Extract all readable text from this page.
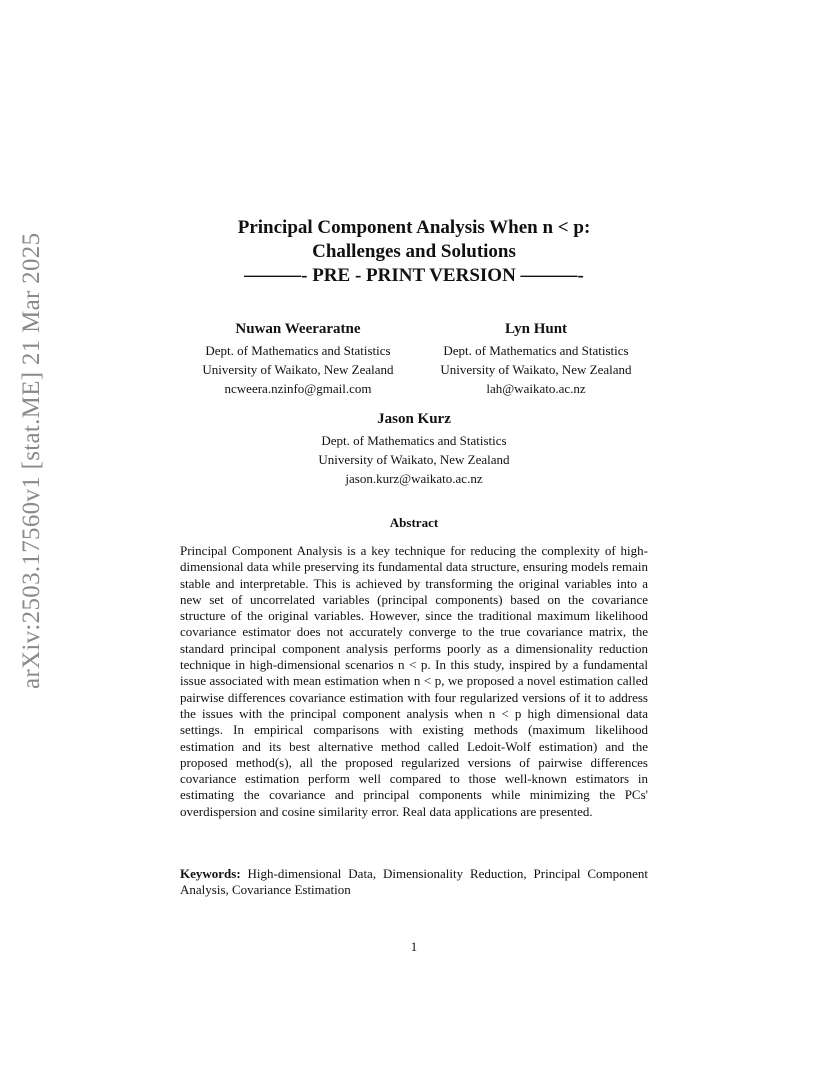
arXiv:2503.17560v1 [stat.ME] 21 Mar 2025
Principal Component Analysis When n < p:
Challenges and Solutions
———- PRE - PRINT VERSION ———-
Nuwan Weeraratne
Dept. of Mathematics and Statistics
University of Waikato, New Zealand
ncweera.nzinfo@gmail.com
Lyn Hunt
Dept. of Mathematics and Statistics
University of Waikato, New Zealand
lah@waikato.ac.nz
Jason Kurz
Dept. of Mathematics and Statistics
University of Waikato, New Zealand
jason.kurz@waikato.ac.nz
Abstract
Principal Component Analysis is a key technique for reducing the complexity of high-dimensional data while preserving its fundamental data structure, ensuring models remain stable and interpretable. This is achieved by transforming the original variables into a new set of uncorrelated variables (principal components) based on the covariance structure of the original variables. However, since the traditional maximum likelihood covariance estimator does not accurately converge to the true covariance matrix, the standard principal component analysis performs poorly as a dimensionality reduction technique in high-dimensional scenarios n < p. In this study, inspired by a fundamental issue associated with mean estimation when n < p, we proposed a novel estimation called pairwise differences covariance estimation with four regularized versions of it to address the issues with the principal component analysis when n < p high dimensional data settings. In empirical comparisons with existing methods (maximum likelihood estimation and its best alternative method called Ledoit-Wolf estimation) and the proposed method(s), all the proposed regularized versions of pairwise differences covariance estimation perform well compared to those well-known estimators in estimating the covariance and principal components while minimizing the PCs' overdispersion and cosine similarity error. Real data applications are presented.
Keywords: High-dimensional Data, Dimensionality Reduction, Principal Component Analysis, Covariance Estimation
1
